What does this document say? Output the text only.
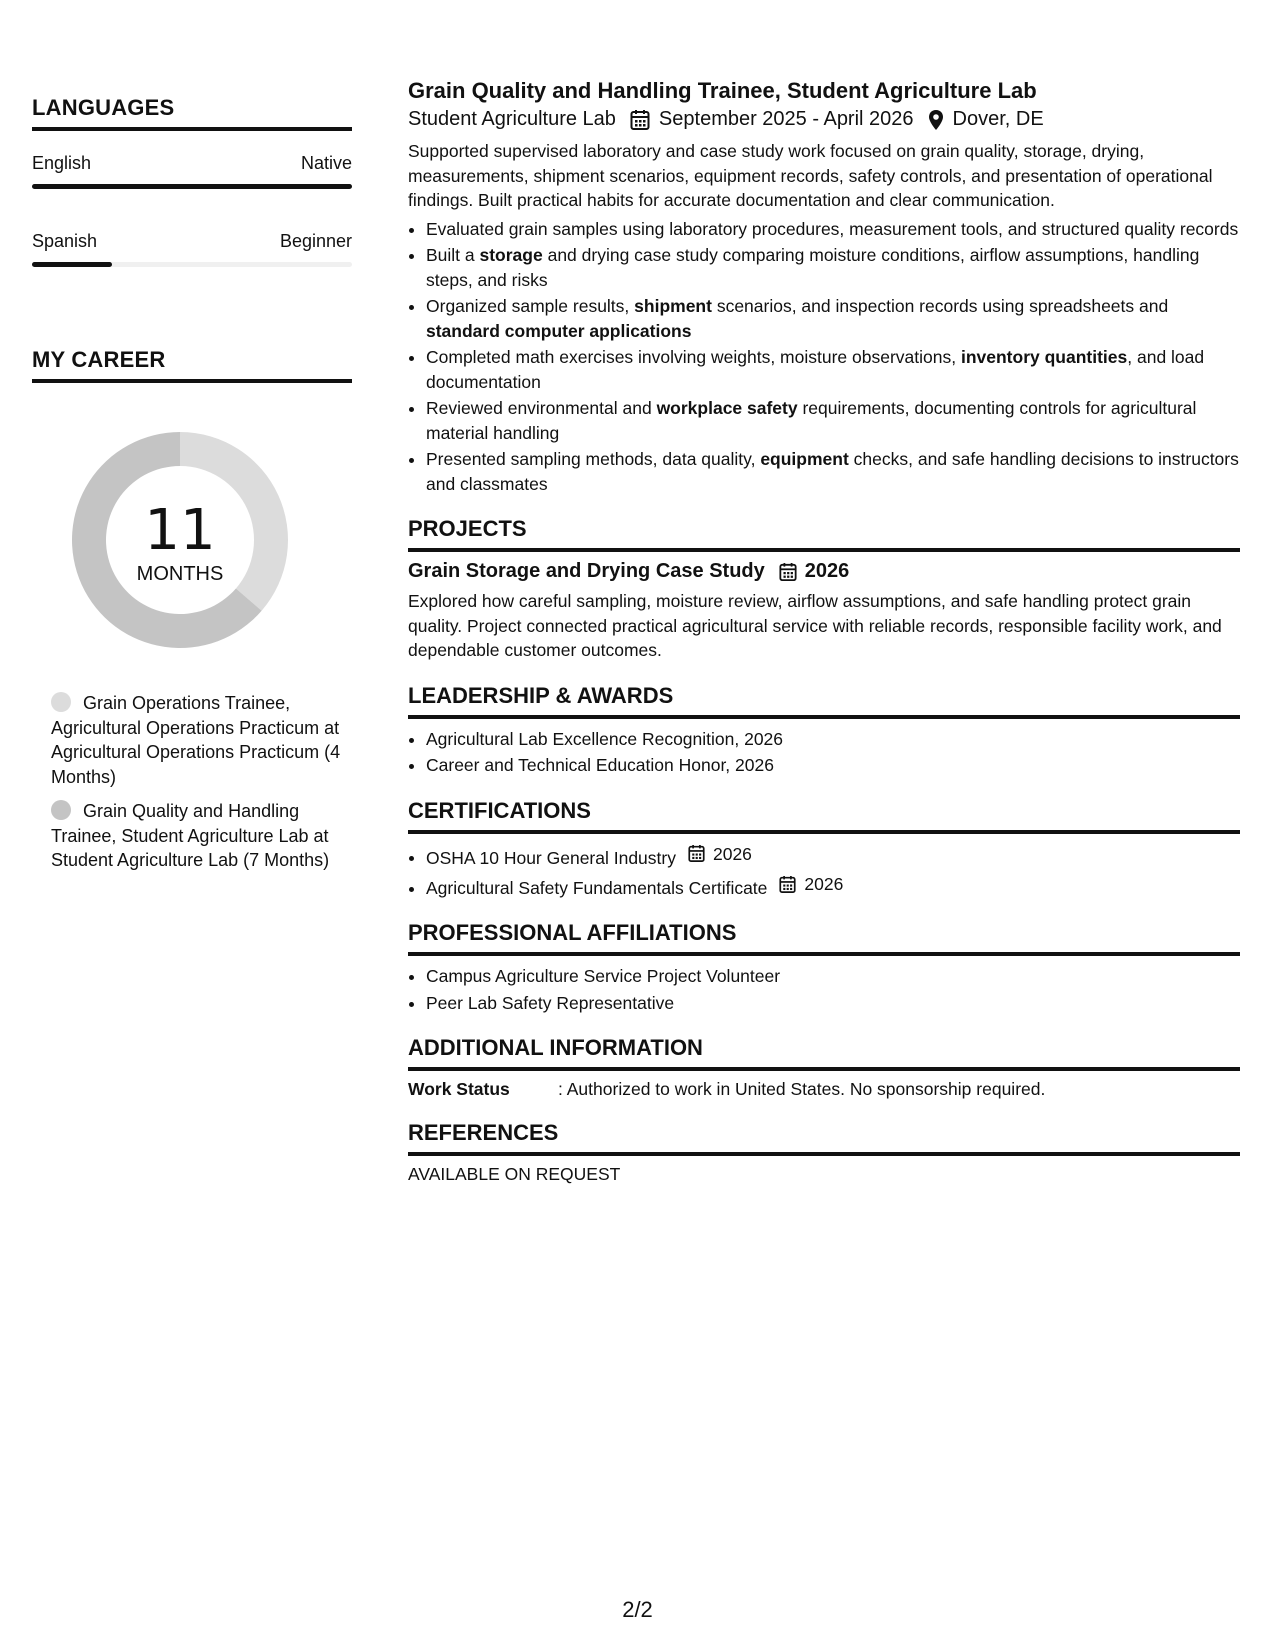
LANGUAGES
English	Native
Spanish	Beginner
MY CAREER
11
MONTHS
Grain Operations Trainee, Agricultural Operations Practicum at Agricultural Operations Practicum (4 Months)
Grain Quality and Handling Trainee, Student Agriculture Lab at Student Agriculture Lab (7 Months)
Grain Quality and Handling Trainee, Student Agriculture Lab
Student Agriculture Lab September 2025 - April 2026 Dover, DE

Supported supervised laboratory and case study work focused on grain quality, storage, drying, measurements, shipment scenarios, equipment records, safety controls, and presentation of operational findings. Built practical habits for accurate documentation and clear communication.

• Evaluated grain samples using laboratory procedures, measurement tools, and structured quality records
• Built a storage and drying case study comparing moisture conditions, airflow assumptions, handling steps, and risks
• Organized sample results, shipment scenarios, and inspection records using spreadsheets and standard computer applications
• Completed math exercises involving weights, moisture observations, inventory quantities, and load documentation
• Reviewed environmental and workplace safety requirements, documenting controls for agricultural material handling
• Presented sampling methods, data quality, equipment checks, and safe handling decisions to instructors and classmates
PROJECTS
Grain Storage and Drying Case Study 2026

Explored how careful sampling, moisture review, airflow assumptions, and safe handling protect grain quality. Project connected practical agricultural service with reliable records, responsible facility work, and dependable customer outcomes.

LEADERSHIP & AWARDS
• Agricultural Lab Excellence Recognition, 2026
• Career and Technical Education Honor, 2026
CERTIFICATIONS
• OSHA 10 Hour General Industry 2026
• Agricultural Safety Fundamentals Certificate 2026
PROFESSIONAL AFFILIATIONS
• Campus Agriculture Service Project Volunteer
• Peer Lab Safety Representative
ADDITIONAL INFORMATION
Work Status	: Authorized to work in United States. No sponsorship required.
REFERENCES
AVAILABLE ON REQUEST
2/2
